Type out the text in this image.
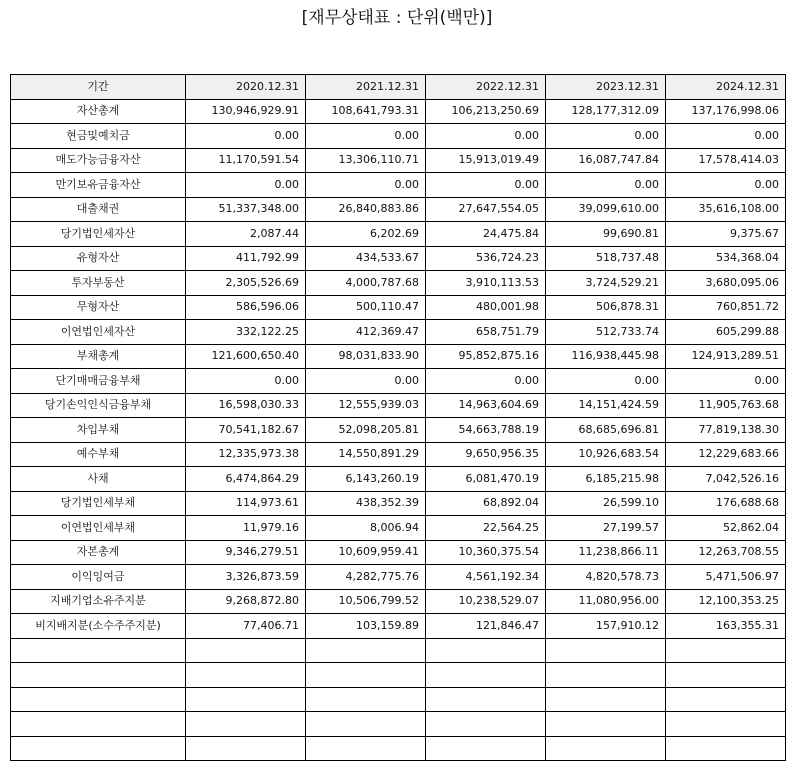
[재무상태표 : 단위(백만)]
기간	2020.12.31	2021.12.31	2022.12.31	2023.12.31	2024.12.31
자산총계	130,946,929.91	108,641,793.31	106,213,250.69	128,177,312.09	137,176,998.06
현금및예치금	0.00	0.00	0.00	0.00	0.00
매도가능금융자산	11,170,591.54	13,306,110.71	15,913,019.49	16,087,747.84	17,578,414.03
만기보유금융자산	0.00	0.00	0.00	0.00	0.00
대출채권	51,337,348.00	26,840,883.86	27,647,554.05	39,099,610.00	35,616,108.00
당기법인세자산	2,087.44	6,202.69	24,475.84	99,690.81	9,375.67
유형자산	411,792.99	434,533.67	536,724.23	518,737.48	534,368.04
투자부동산	2,305,526.69	4,000,787.68	3,910,113.53	3,724,529.21	3,680,095.06
무형자산	586,596.06	500,110.47	480,001.98	506,878.31	760,851.72
이연법인세자산	332,122.25	412,369.47	658,751.79	512,733.74	605,299.88
부채총계	121,600,650.40	98,031,833.90	95,852,875.16	116,938,445.98	124,913,289.51
단기매매금융부채	0.00	0.00	0.00	0.00	0.00
당기손익인식금융부채	16,598,030.33	12,555,939.03	14,963,604.69	14,151,424.59	11,905,763.68
차입부채	70,541,182.67	52,098,205.81	54,663,788.19	68,685,696.81	77,819,138.30
예수부채	12,335,973.38	14,550,891.29	9,650,956.35	10,926,683.54	12,229,683.66
사채	6,474,864.29	6,143,260.19	6,081,470.19	6,185,215.98	7,042,526.16
당기법인세부채	114,973.61	438,352.39	68,892.04	26,599.10	176,688.68
이연법인세부채	11,979.16	8,006.94	22,564.25	27,199.57	52,862.04
자본총계	9,346,279.51	10,609,959.41	10,360,375.54	11,238,866.11	12,263,708.55
이익잉여금	3,326,873.59	4,282,775.76	4,561,192.34	4,820,578.73	5,471,506.97
지배기업소유주지분	9,268,872.80	10,506,799.52	10,238,529.07	11,080,956.00	12,100,353.25
비지배지분(소수주주지분)	77,406.71	103,159.89	121,846.47	157,910.12	163,355.31
